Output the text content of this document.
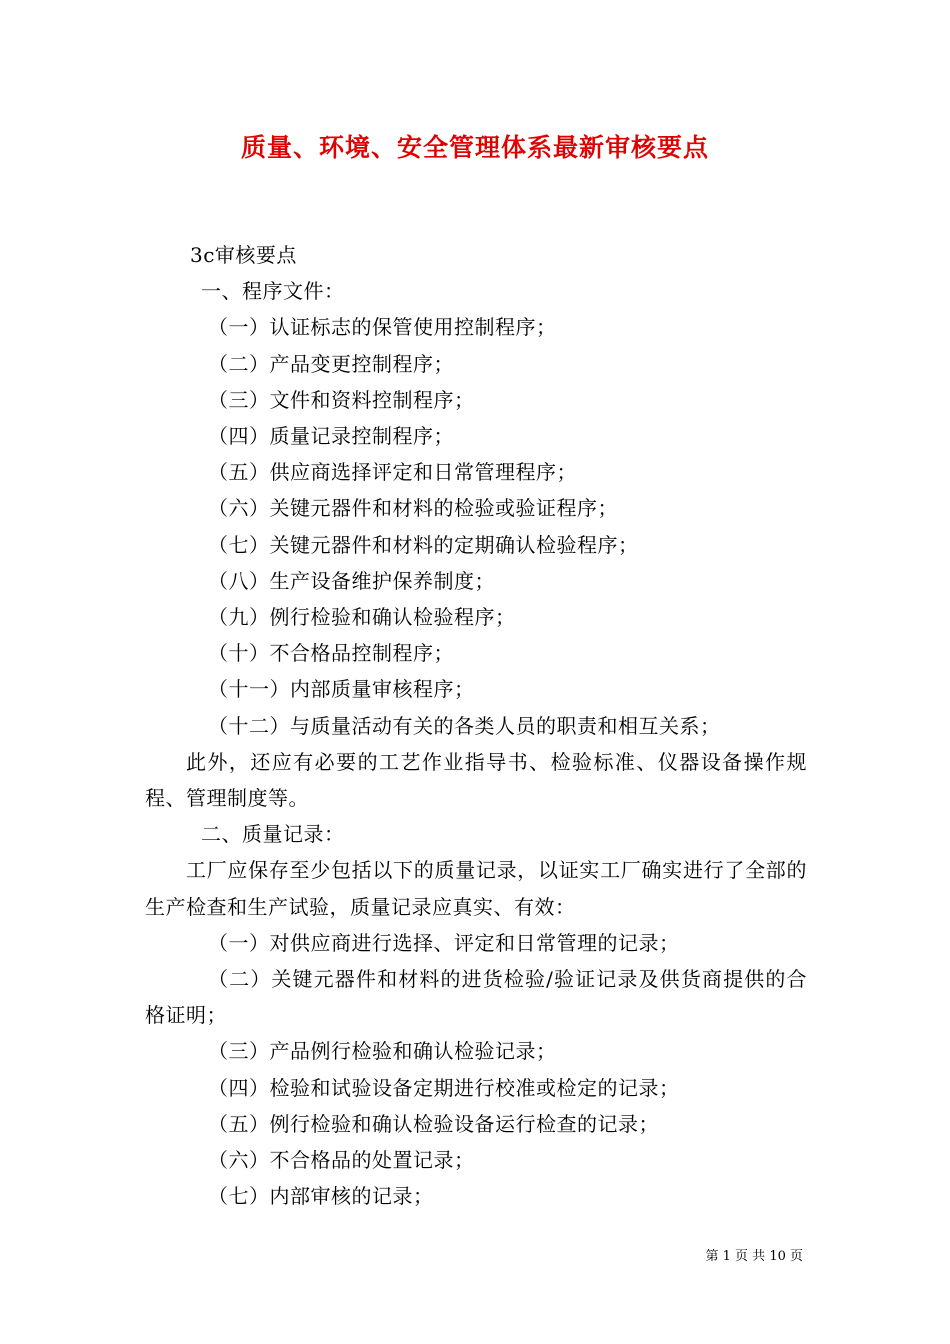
质量、环境、安全管理体系最新审核要点
3c审核要点
一、程序文件：
（一）认证标志的保管使用控制程序；
（二）产品变更控制程序；
（三）文件和资料控制程序；
（四）质量记录控制程序；
（五）供应商选择评定和日常管理程序；
（六）关键元器件和材料的检验或验证程序；
（七）关键元器件和材料的定期确认检验程序；
（八）生产设备维护保养制度；
（九）例行检验和确认检验程序；
（十）不合格品控制程序；
（十一）内部质量审核程序；
（十二）与质量活动有关的各类人员的职责和相互关系；
此外，还应有必要的工艺作业指导书、检验标准、仪器设备操作规程、管理制度等。
二、质量记录：
工厂应保存至少包括以下的质量记录，以证实工厂确实进行了全部的生产检查和生产试验，质量记录应真实、有效：
（一）对供应商进行选择、评定和日常管理的记录；
（二）关键元器件和材料的进货检验/验证记录及供货商提供的合格证明；
（三）产品例行检验和确认检验记录；
（四）检验和试验设备定期进行校准或检定的记录；
（五）例行检验和确认检验设备运行检查的记录；
（六）不合格品的处置记录；
（七）内部审核的记录；
第 1 页 共 10 页
